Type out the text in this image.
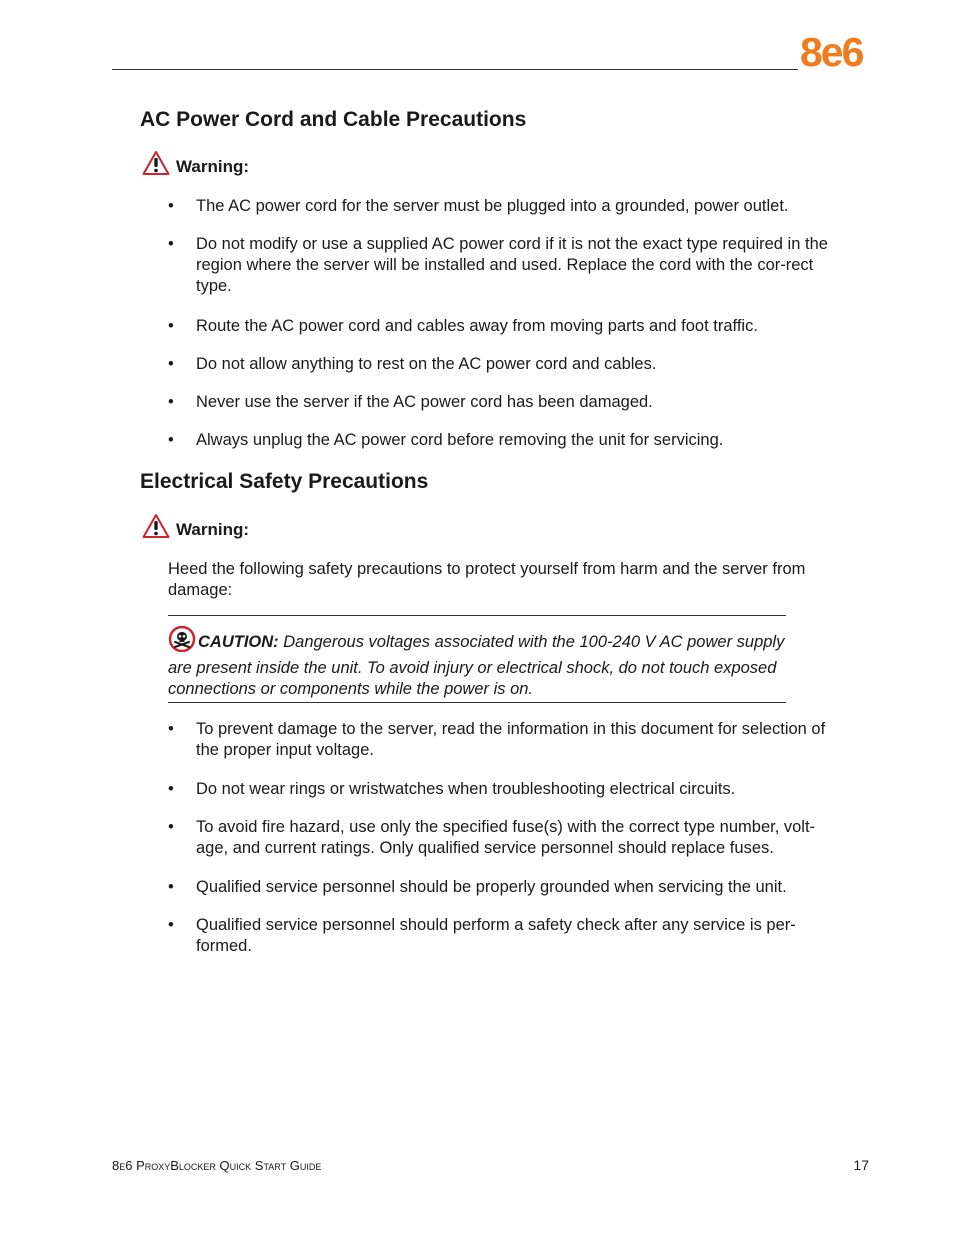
8e6
AC Power Cord and Cable Precautions
Warning:
• The AC power cord for the server must be plugged into a grounded, power outlet.
• Do not modify or use a supplied AC power cord if it is not the exact type required in the region where the server will be installed and used. Replace the cord with the cor-rect type.
• Route the AC power cord and cables away from moving parts and foot traffic.
• Do not allow anything to rest on the AC power cord and cables.
• Never use the server if the AC power cord has been damaged.
• Always unplug the AC power cord before removing the unit for servicing.
Electrical Safety Precautions
Warning:

Heed the following safety precautions to protect yourself from harm and the server from damage:

CAUTION: Dangerous voltages associated with the 100-240 V AC power supply are present inside the unit. To avoid injury or electrical shock, do not touch exposed connections or components while the power is on.

• To prevent damage to the server, read the information in this document for selection of the proper input voltage.
• Do not wear rings or wristwatches when troubleshooting electrical circuits.
• To avoid fire hazard, use only the specified fuse(s) with the correct type number, volt-age, and current ratings. Only qualified service personnel should replace fuses.
• Qualified service personnel should be properly grounded when servicing the unit.
• Qualified service personnel should perform a safety check after any service is per-formed.
8e6 ProxyBlocker Quick Start Guide	17
